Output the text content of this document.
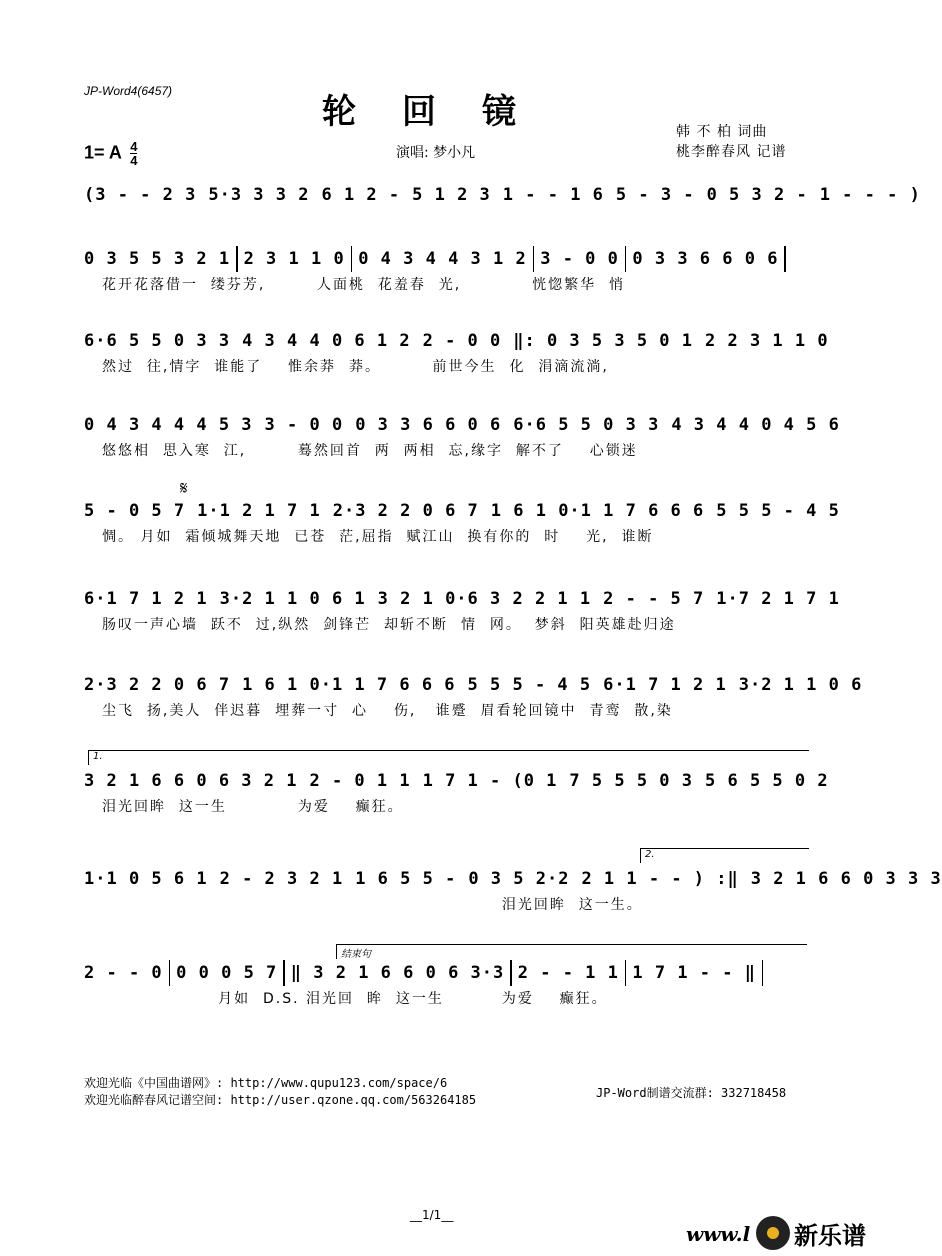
JP-Word4(6457)
轮回镜	韩 不 柏 词曲
桃李醉春风 记谱
1= A $\frac{4}{4}$	演唱: 梦小凡
𝄋
1.
2.
结束句
(3 - - 2 3 5·3 3 3 2 6 1 2 - 5 1 2 3 1 - - 1 6 5 - 3 - 0 5 3 2 - 1 - - - )
0 3 5 5 3 2 1 2 3 1 1 0 0 4 3 4 4 3 1 2 3 - 0 0 0 3 3 6 6 0 6
花开花落借一  缕芬芳,        人面桃  花羞春  光,           恍惚繁华  悄
6·6 5 5 0 3 3 4 3 4 4 0 6 1 2 2 - 0 0 ‖: 0 3 5 3 5 0 1 2 2 3 1 1 0
然过  往,情字  谁能了    惟余莽  莽。        前世今生  化  涓滴流淌,
0 4 3 4 4 4 5 3 3 - 0 0 0 3 3 6 6 0 6 6·6 5 5 0 3 3 4 3 4 4 0 4 5 6
悠悠相  思入寒  江,        蓦然回首  两  两相  忘,缘字  解不了    心锁迷
5 - 0 5 7 1·1 2 1 7 1 2·3 2 2 0 6 7 1 6 1 0·1 1 7 6 6 6 5 5 5 - 4 5
惆。 月如  霜倾城舞天地  已苍  茫,屈指  赋江山  换有你的  时    光,  谁断
6·1 7 1 2 1 3·2 1 1 0 6 1 3 2 1 0·6 3 2 2 1 1 2 - - 5 7 1·7 2 1 7 1
肠叹一声心墙  跃不  过,纵然  剑锋芒  却斩不断  情  网。  梦斜  阳英雄赴归途
2·3 2 2 0 6 7 1 6 1 0·1 1 7 6 6 6 5 5 5 - 4 5 6·1 7 1 2 1 3·2 1 1 0 6
尘飞  扬,美人  伴迟暮  埋葬一寸  心    伤,   谁蹙  眉看轮回镜中  青鸾  散,染
3 2 1 6 6 0 6 3 2 1 2 - 0 1 1 1 7 1 - (0 1 7 5 5 5 0 3 5 6 5 5 0 2
泪光回眸  这一生           为爱    癫狂。
1·1 0 5 6 1 2 - 2 3 2 1 1 6 5 5 - 0 3 5 2·2 2 1 1 - - ) :‖ 3 2 1 6 6 0 3 3 3
泪光回眸  这一生。
2 - - 0 0 0 0 5 7 ‖ 3 2 1 6 6 0 6 3·3 2 - - 1 1 1 7 1 - - ‖
月如  D.S. 泪光回  眸  这一生         为爱    癫狂。
欢迎光临《中国曲谱网》: http://www.qupu123.com/space/6
欢迎光临醉春风记谱空间: http://user.qzone.qq.com/563264185	JP-Word制谱交流群: 332718458
__1/1__
www.l 新乐谱
